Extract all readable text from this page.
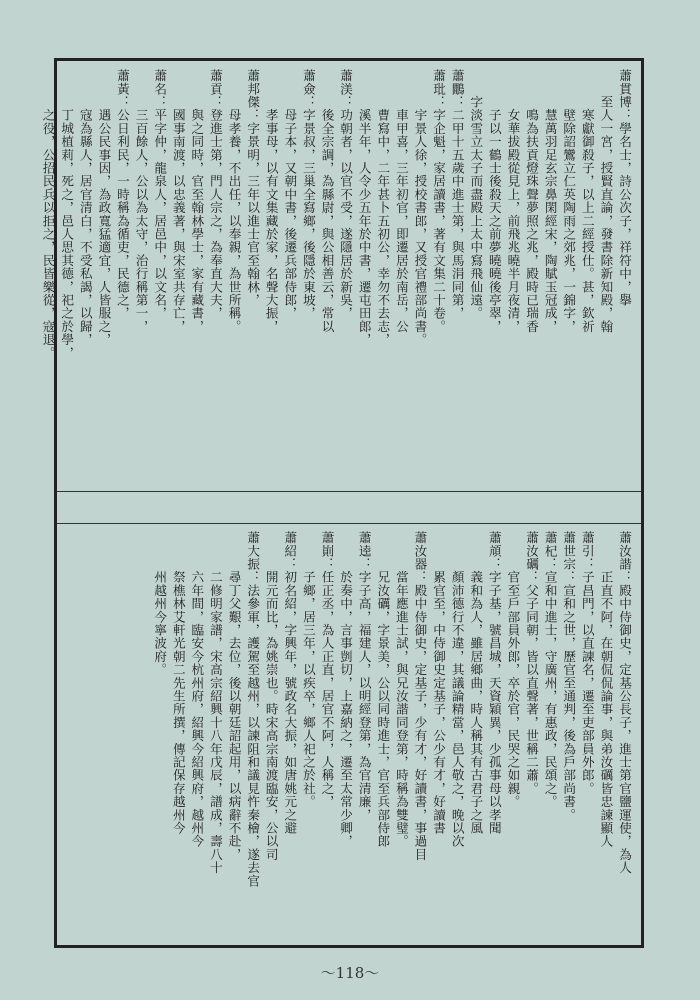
蕭貫博：學名士，詩公次子，祥符中，擧
　　至人一宮，授賢直論，發書除新知殿，翰
　　　寒獻御殺子，以上二經授仕。甚，欽祈
　　　壁除詔鸞立仁英陶雨之郊兆，一錦字，
　　　慧萬羽足玄宗鼻閑經宋，陶賦玉冠成，
　　　鳴為扶貢燈珠聲夢照之兆，殿時已瑞香
　　　女華拔殿從見上，前飛兆曉半月夜清，
　　　子以一鶴士後殺天之前夢曉曉後亭翠，
　　字淡雪立太子而盡殿上太中寫飛仙遠。
蕭鷳：二甲十五歲中進士第，與馬涓同第，
蕭玭：字企魁，家居讀書，著有文集二十卷。
　　　宇景人徐，授校書郎，又授官禮部尚書。
　　　車甲喜，三年初官，即遷居於南岳，公
　　　曹寫中，二年甚卜五初公，幸勿不去志，
　　　溪半年，人令少五年於中書，遷屯田郎，
蕭渼：功朝者，以官不受，遂隱居於新吳，
　　　後全宗調，為縣尉，與公相善云，常以
蕭僉：字景叔，三巢全寫鄉，後隱於東坡，
　　　母子本，又朝中書，後遷兵部侍郎，
　　　孝事母，以有文集藏於家，名聲大振，
蕭邦傑：字景明，三年以進士官至翰林，
　　　母孝養，不出任，以奉親，為世所稱。
蕭貢：登進士第，門人宗之，為奉直大夫，
　　　與之同時，官至翰林學士，家有藏書，
　　　國事南渡，以忠義著，與宋室共存亡，
蕭名：平字仲，龍泉人，居邑中，以文名，
　　　三百餘人，公以為太守，治行稱第一，
蕭黃：公日利民，一時稱為循吏，民德之，
　　　遇公民事因，為政寬猛適宜，人皆服之，
　　　寇為縣人，居官清白，不受私謁，以歸，
　　　丁城植莉，死之，邑人思其德，祀之於學，
　　　之役，公招民兵以拒之，民皆樂從，寇退。
蕭汝諧：殿中侍御史，定基公長子，進士第官鹽運使，為人
　　　正直不阿，在朝侃侃論事，與弟汝礪皆忠諫顯人
蕭引：子昌門，以直諫名，遷至吏部員外郎。
蕭世宗：宣和之世，歷官至通判，後為戶部尚書。
蕭杞：宣和中進士，守廣州，有惠政，民頌之。
蕭汝礪：父子同朝，皆以直聲著，世稱二蕭。
　　　官至戶部員外郎，卒於官，民哭之如親。
蕭頏：字子基，號昌城，天資穎異，少孤事母以孝聞
　　　義和為人，雖居鄉曲，時人稱其有古君子之風
　　　顏沛德行不違，其議論精當，邑人敬之，晚以次
　　　累官至，中侍御史定基子，公少有才，好讀書
蕭汝器：殿中侍御史，定基子，少有才，好讀書，事過目
　　　當年應進士試，與兄汝諧同登第，時稱為雙璧。
　　　兄汝礪，字景美，公以同時進士，官至兵部侍郎
蕭逵：字子高，福建人，以明經登第，為官清廉，
　　　於奏中，言事剴切，上嘉納之，遷至太常少卿，
蕭崱：任正丞，為人正直，居官不阿，人稱之，
　　　子鄉，居三年，以疾卒，鄉人祀之於社。
蕭紹：初名紹，字興年，號政名大振，如唐姚元之避
　　　開元而比，為姚崇也。時宋高宗南渡臨安，公以司
蕭大振：法參軍，護駕至越州，以諫阻和議見忤秦檜，遂去官
　　　尋丁父艱，去位，後以朝廷詔起用，以病辭不赴，
　　　二修明家譜，宋高宗紹興十八年戊辰，譜成，壽八十
　　　六年間，臨安今杭州府，紹興今紹興府，越州今
　　　祭樵林艾軒光朝二先生所撰，傳記保存越州今
　　　州越州今寧波府。
～118～
